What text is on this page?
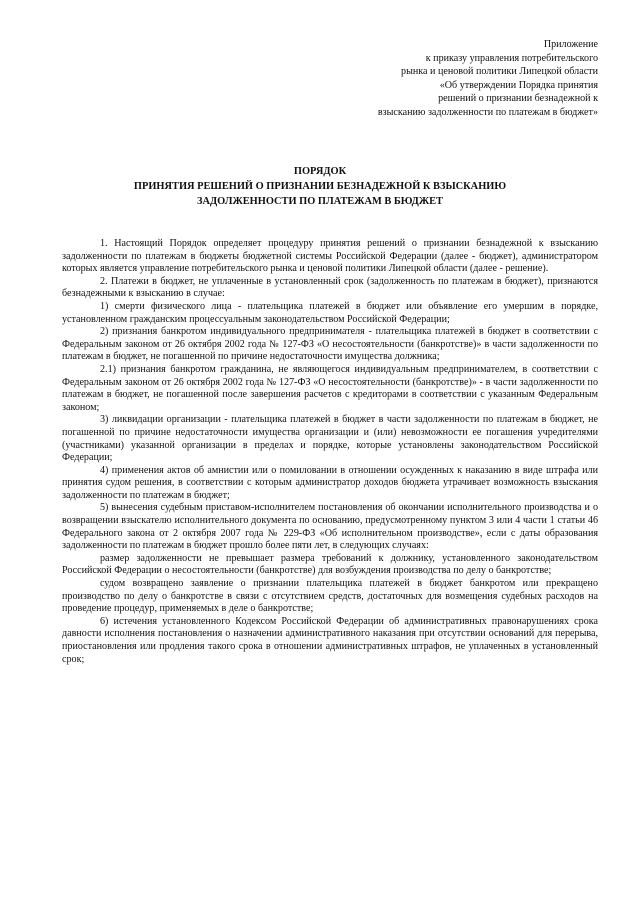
Приложение
к приказу управления потребительского
рынка и ценовой политики Липецкой области
«Об утверждении Порядка принятия
решений о признании безнадежной к
взысканию задолженности по платежам в бюджет»
ПОРЯДОК
ПРИНЯТИЯ РЕШЕНИЙ О ПРИЗНАНИИ БЕЗНАДЕЖНОЙ К ВЗЫСКАНИЮ
ЗАДОЛЖЕННОСТИ ПО ПЛАТЕЖАМ В БЮДЖЕТ

1. Настоящий Порядок определяет процедуру принятия решений о признании безнадежной к взысканию задолженности по платежам в бюджеты бюджетной системы Российской Федерации (далее - бюджет), администратором которых является управление потребительского рынка и ценовой политики Липецкой области (далее - решение).

2. Платежи в бюджет, не уплаченные в установленный срок (задолженность по платежам в бюджет), признаются безнадежными к взысканию в случае:

1) смерти физического лица - плательщика платежей в бюджет или объявление его умершим в порядке, установленном гражданским процессуальным законодательством Российской Федерации;

2) признания банкротом индивидуального предпринимателя - плательщика платежей в бюджет в соответствии с Федеральным законом от 26 октября 2002 года № 127-ФЗ «О несостоятельности (банкротстве)» в части задолженности по платежам в бюджет, не погашенной по причине недостаточности имущества должника;

2.1) признания банкротом гражданина, не являющегося индивидуальным предпринимателем, в соответствии с Федеральным законом от 26 октября 2002 года № 127-ФЗ «О несостоятельности (банкротстве)» - в части задолженности по платежам в бюджет, не погашенной после завершения расчетов с кредиторами в соответствии с указанным Федеральным законом;

3) ликвидации организации - плательщика платежей в бюджет в части задолженности по платежам в бюджет, не погашенной по причине недостаточности имущества организации и (или) невозможности ее погашения учредителями (участниками) указанной организации в пределах и порядке, которые установлены законодательством Российской Федерации;

4) применения актов об амнистии или о помиловании в отношении осужденных к наказанию в виде штрафа или принятия судом решения, в соответствии с которым администратор доходов бюджета утрачивает возможность взыскания задолженности по платежам в бюджет;

5) вынесения судебным приставом-исполнителем постановления об окончании исполнительного производства и о возвращении взыскателю исполнительного документа по основанию, предусмотренному пунктом 3 или 4 части 1 статьи 46 Федерального закона от 2 октября 2007 года № 229-ФЗ «Об исполнительном производстве», если с даты образования задолженности по платежам в бюджет прошло более пяти лет, в следующих случаях:

размер задолженности не превышает размера требований к должнику, установленного законодательством Российской Федерации о несостоятельности (банкротстве) для возбуждения производства по делу о банкротстве;

судом возвращено заявление о признании плательщика платежей в бюджет банкротом или прекращено производство по делу о банкротстве в связи с отсутствием средств, достаточных для возмещения судебных расходов на проведение процедур, применяемых в деле о банкротстве;

6) истечения установленного Кодексом Российской Федерации об административных правонарушениях срока давности исполнения постановления о назначении административного наказания при отсутствии оснований для перерыва, приостановления или продления такого срока в отношении административных штрафов, не уплаченных в установленный срок;
